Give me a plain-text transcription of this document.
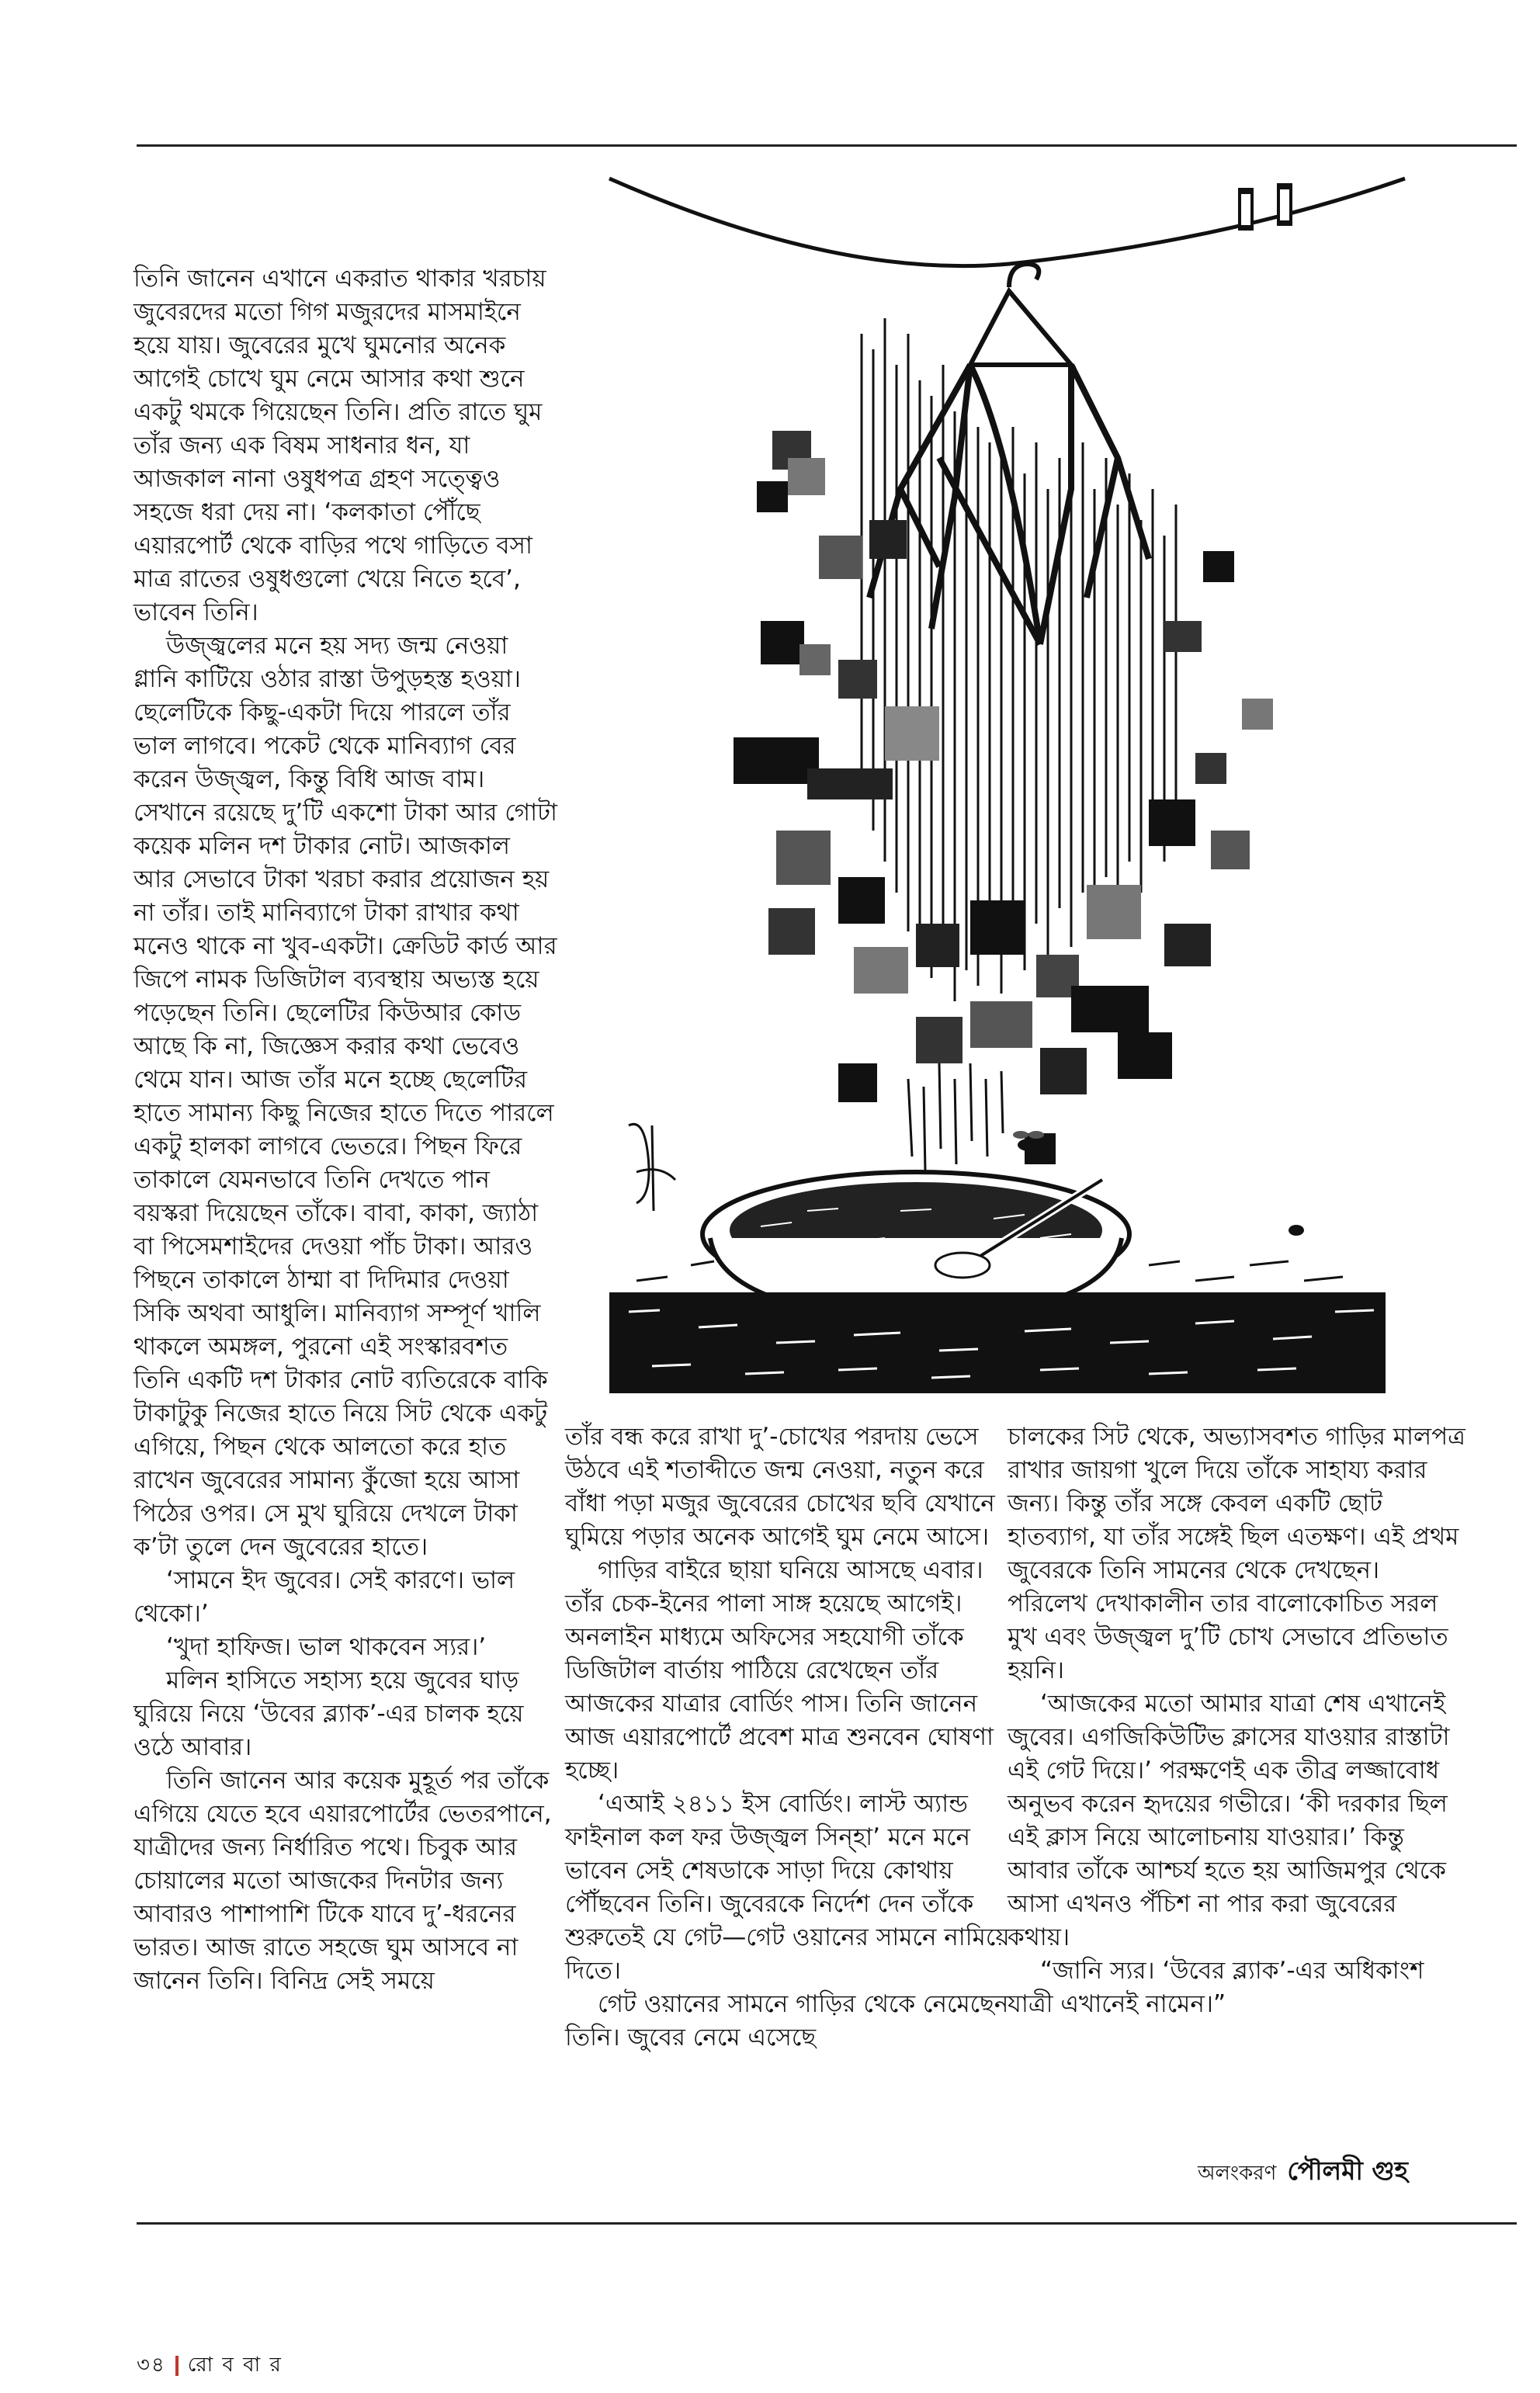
তিনি জানেন এখানে একরাত থাকার খরচায় জুবেরদের মতো গিগ মজুরদের মাসমাইনে হয়ে যায়। জুবেরের মুখে ঘুমনোর অনেক আগেই চোখে ঘুম নেমে আসার কথা শুনে একটু থমকে গিয়েছেন তিনি। প্রতি রাতে ঘুম তাঁর জন্য এক বিষম সাধনার ধন, যা আজকাল নানা ওষুধপত্র গ্রহণ সত্ত্বেও সহজে ধরা দেয় না। ‘কলকাতা পৌঁছে এয়ারপোর্ট থেকে বাড়ির পথে গাড়িতে বসা মাত্র রাতের ওষুধগুলো খেয়ে নিতে হবে’, ভাবেন তিনি।

উজ্জ্বলের মনে হয় সদ্য জন্ম নেওয়া গ্লানি কাটিয়ে ওঠার রাস্তা উপুড়হস্ত হওয়া। ছেলেটিকে কিছু-একটা দিয়ে পারলে তাঁর ভাল লাগবে। পকেট থেকে মানিব্যাগ বের করেন উজ্জ্বল, কিন্তু বিধি আজ বাম। সেখানে রয়েছে দু’টি একশো টাকা আর গোটা কয়েক মলিন দশ টাকার নোট। আজকাল আর সেভাবে টাকা খরচা করার প্রয়োজন হয় না তাঁর। তাই মানিব্যাগে টাকা রাখার কথা মনেও থাকে না খুব-একটা। ক্রেডিট কার্ড আর জিপে নামক ডিজিটাল ব্যবস্থায় অভ্যস্ত হয়ে পড়েছেন তিনি। ছেলেটির কিউআর কোড আছে কি না, জিজ্ঞেস করার কথা ভেবেও থেমে যান। আজ তাঁর মনে হচ্ছে ছেলেটির হাতে সামান্য কিছু নিজের হাতে দিতে পারলে একটু হালকা লাগবে ভেতরে। পিছন ফিরে তাকালে যেমনভাবে তিনি দেখতে পান বয়স্করা দিয়েছেন তাঁকে। বাবা, কাকা, জ্যাঠা বা পিসেমশাইদের দেওয়া পাঁচ টাকা। আরও পিছনে তাকালে ঠাম্মা বা দিদিমার দেওয়া সিকি অথবা আধুলি। মানিব্যাগ সম্পূর্ণ খালি থাকলে অমঙ্গল, পুরনো এই সংস্কারবশত তিনি একটি দশ টাকার নোট ব্যতিরেকে বাকি টাকাটুকু নিজের হাতে নিয়ে সিট থেকে একটু এগিয়ে, পিছন থেকে আলতো করে হাত রাখেন জুবেরের সামান্য কুঁজো হয়ে আসা পিঠের ওপর। সে মুখ ঘুরিয়ে দেখলে টাকা ক’টা তুলে দেন জুবেরের হাতে।

‘সামনে ইদ জুবের। সেই কারণে। ভাল থেকো।’

‘খুদা হাফিজ। ভাল থাকবেন স্যর।’

মলিন হাসিতে সহাস্য হয়ে জুবের ঘাড় ঘুরিয়ে নিয়ে ‘উবের ব্ল্যাক’-এর চালক হয়ে ওঠে আবার।

তিনি জানেন আর কয়েক মুহূর্ত পর তাঁকে এগিয়ে যেতে হবে এয়ারপোর্টের ভেতরপানে, যাত্রীদের জন্য নির্ধারিত পথে। চিবুক আর চোয়ালের মতো আজকের দিনটার জন্য আবারও পাশাপাশি টিকে যাবে দু’-ধরনের ভারত। আজ রাতে সহজে ঘুম আসবে না জানেন তিনি। বিনিদ্র সেই সময়ে

তাঁর বন্ধ করে রাখা দু’-চোখের পরদায় ভেসে উঠবে এই শতাব্দীতে জন্ম নেওয়া, নতুন করে বাঁধা পড়া মজুর জুবেরের চোখের ছবি যেখানে ঘুমিয়ে পড়ার অনেক আগেই ঘুম নেমে আসে।

গাড়ির বাইরে ছায়া ঘনিয়ে আসছে এবার। তাঁর চেক-ইনের পালা সাঙ্গ হয়েছে আগেই। অনলাইন মাধ্যমে অফিসের সহযোগী তাঁকে ডিজিটাল বার্তায় পাঠিয়ে রেখেছেন তাঁর আজকের যাত্রার বোর্ডিং পাস। তিনি জানেন আজ এয়ারপোর্টে প্রবেশ মাত্র শুনবেন ঘোষণা হচ্ছে।

‘এআই ২৪১১ ইস বোর্ডিং। লাস্ট অ্যান্ড ফাইনাল কল ফর উজ্জ্বল সিন্‌হা’ মনে মনে ভাবেন সেই শেষডাকে সাড়া দিয়ে কোথায় পৌঁছবেন তিনি। জুবেরকে নির্দেশ দেন তাঁকে শুরুতেই যে গেট—গেট ওয়ানের সামনে নামিয়ে দিতে।

গেট ওয়ানের সামনে গাড়ির থেকে নেমেছেন তিনি। জুবের নেমে এসেছে

চালকের সিট থেকে, অভ্যাসবশত গাড়ির মালপত্র রাখার জায়গা খুলে দিয়ে তাঁকে সাহায্য করার জন্য। কিন্তু তাঁর সঙ্গে কেবল একটি ছোট হাতব্যাগ, যা তাঁর সঙ্গেই ছিল এতক্ষণ। এই প্রথম জুবেরকে তিনি সামনের থেকে দেখছেন। পরিলেখ দেখাকালীন তার বালোকোচিত সরল মুখ এবং উজ্জ্বল দু’টি চোখ সেভাবে প্রতিভাত হয়নি।

‘আজকের মতো আমার যাত্রা শেষ এখানেই জুবের। এগজিকিউটিভ ক্লাসের যাওয়ার রাস্তাটা এই গেট দিয়ে।’ পরক্ষণেই এক তীব্র লজ্জাবোধ অনুভব করেন হৃদয়ের গভীরে। ‘কী দরকার ছিল এই ক্লাস নিয়ে আলোচনায় যাওয়ার।’ কিন্তু আবার তাঁকে আশ্চর্য হতে হয় আজিমপুর থেকে আসা এখনও পঁচিশ না পার করা জুবেরের কথায়।

“জানি স্যর। ‘উবের ব্ল্যাক’-এর অধিকাংশ যাত্রী এখানেই নামেন।”

অলংকরণ পৌলমী গুহ
৩৪ রো ব বা র
